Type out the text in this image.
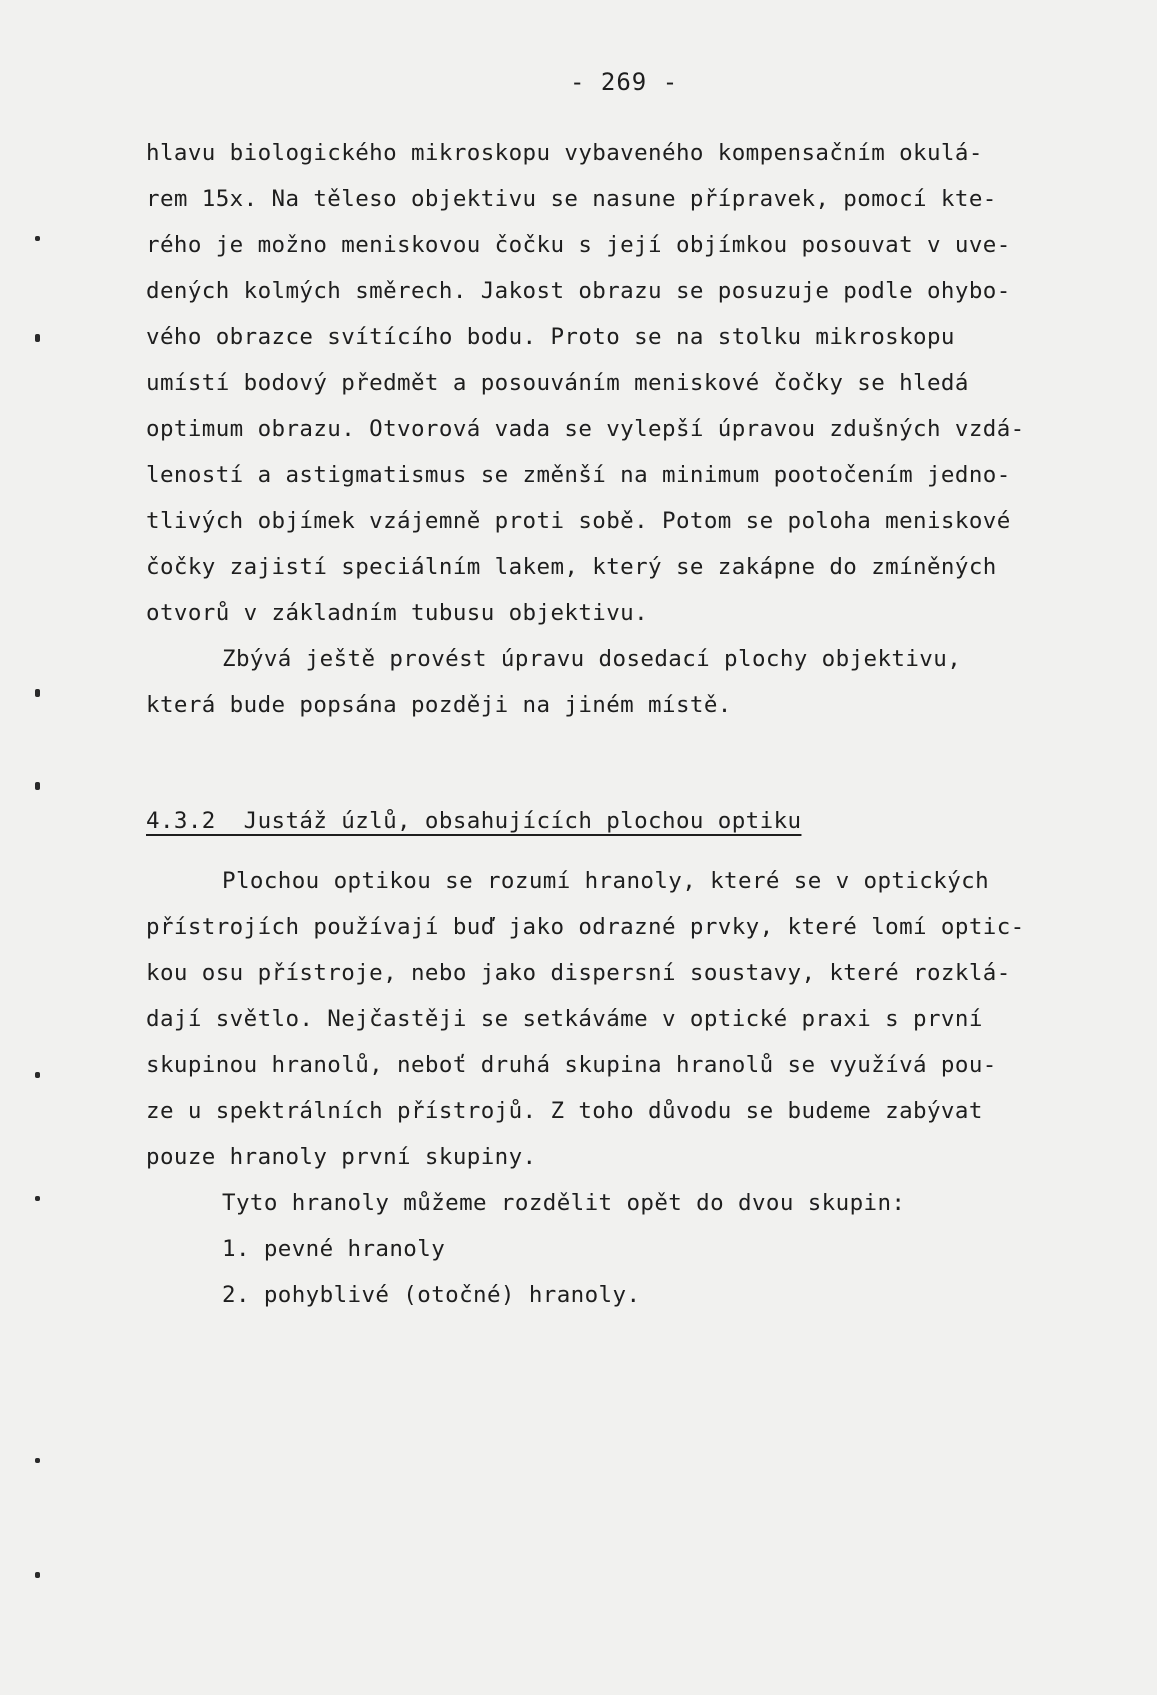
- 269 -
hlavu biologického mikroskopu vybaveného kompensačním okulá-
rem 15x. Na těleso objektivu se nasune přípravek, pomocí kte-
rého je možno meniskovou čočku s její objímkou posouvat v uve-
dených kolmých směrech. Jakost obrazu se posuzuje podle ohybo-
vého obrazce svítícího bodu. Proto se na stolku mikroskopu
umístí bodový předmět a posouváním meniskové čočky se hledá
optimum obrazu. Otvorová vada se vylepší úpravou zdušných vzdá-
leností a astigmatismus se změnší na minimum pootočením jedno-
tlivých objímek vzájemně proti sobě. Potom se poloha meniskové
čočky zajistí speciálním lakem, který se zakápne do zmíněných
otvorů v základním tubusu objektivu.
Zbývá ještě provést úpravu dosedací plochy objektivu,
která bude popsána později na jiném místě.
4.3.2  Justáž úzlů, obsahujících plochou optiku
Plochou optikou se rozumí hranoly, které se v optických
přístrojích používají buď jako odrazné prvky, které lomí optic-
kou osu přístroje, nebo jako dispersní soustavy, které rozklá-
dají světlo. Nejčastěji se setkáváme v optické praxi s první
skupinou hranolů, neboť druhá skupina hranolů se využívá pou-
ze u spektrálních přístrojů. Z toho důvodu se budeme zabývat
pouze hranoly první skupiny.
Tyto hranoly můžeme rozdělit opět do dvou skupin:
1. pevné hranoly
2. pohyblivé (otočné) hranoly.
